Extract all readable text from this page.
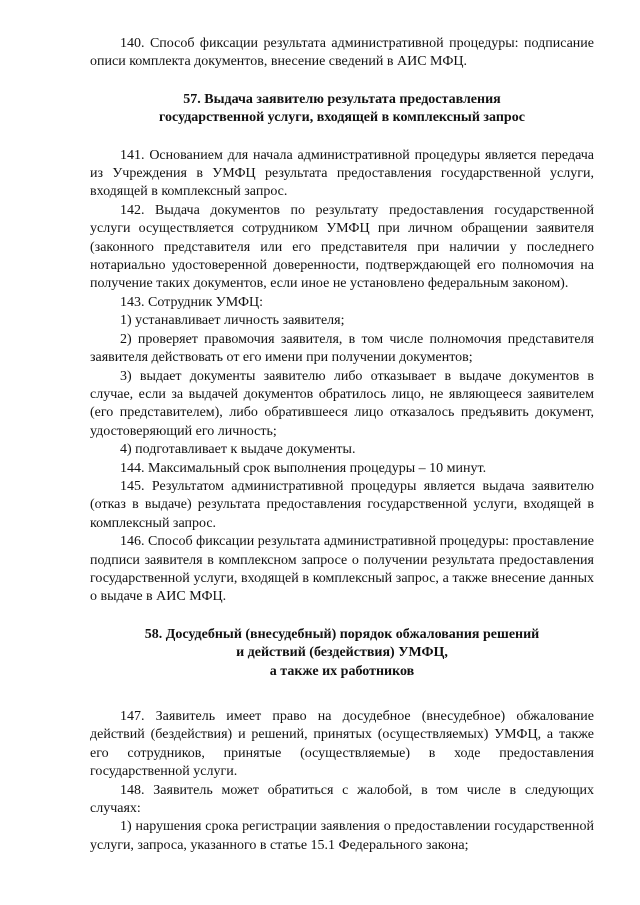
140. Способ фиксации результата административной процедуры: подписание описи комплекта документов, внесение сведений в АИС МФЦ.

57. Выдача заявителю результата предоставления
государственной услуги, входящей в комплексный запрос

141. Основанием для начала административной процедуры является передача из Учреждения в УМФЦ результата предоставления государственной услуги, входящей в комплексный запрос.

142. Выдача документов по результату предоставления государственной услуги осуществляется сотрудником УМФЦ при личном обращении заявителя (законного представителя или его представителя при наличии у последнего нотариально удостоверенной доверенности, подтверждающей его полномочия на получение таких документов, если иное не установлено федеральным законом).

143. Сотрудник УМФЦ:

1) устанавливает личность заявителя;

2) проверяет правомочия заявителя, в том числе полномочия представителя заявителя действовать от его имени при получении документов;

3) выдает документы заявителю либо отказывает в выдаче документов в случае, если за выдачей документов обратилось лицо, не являющееся заявителем (его представителем), либо обратившееся лицо отказалось предъявить документ, удостоверяющий его личность;

4) подготавливает к выдаче документы.

144. Максимальный срок выполнения процедуры – 10 минут.

145. Результатом административной процедуры является выдача заявителю (отказ в выдаче) результата предоставления государственной услуги, входящей в комплексный запрос.

146. Способ фиксации результата административной процедуры: проставление подписи заявителя в комплексном запросе о получении результата предоставления государственной услуги, входящей в комплексный запрос, а также внесение данных о выдаче в АИС МФЦ.

58. Досудебный (внесудебный) порядок обжалования решений
и действий (бездействия) УМФЦ,
а также их работников

147. Заявитель имеет право на досудебное (внесудебное) обжалование действий (бездействия) и решений, принятых (осуществляемых) УМФЦ, а также его сотрудников, принятые (осуществляемые) в ходе предоставления государственной услуги.

148. Заявитель может обратиться с жалобой, в том числе в следующих случаях:

1) нарушения срока регистрации заявления о предоставлении государственной услуги, запроса, указанного в статье 15.1 Федерального закона;
